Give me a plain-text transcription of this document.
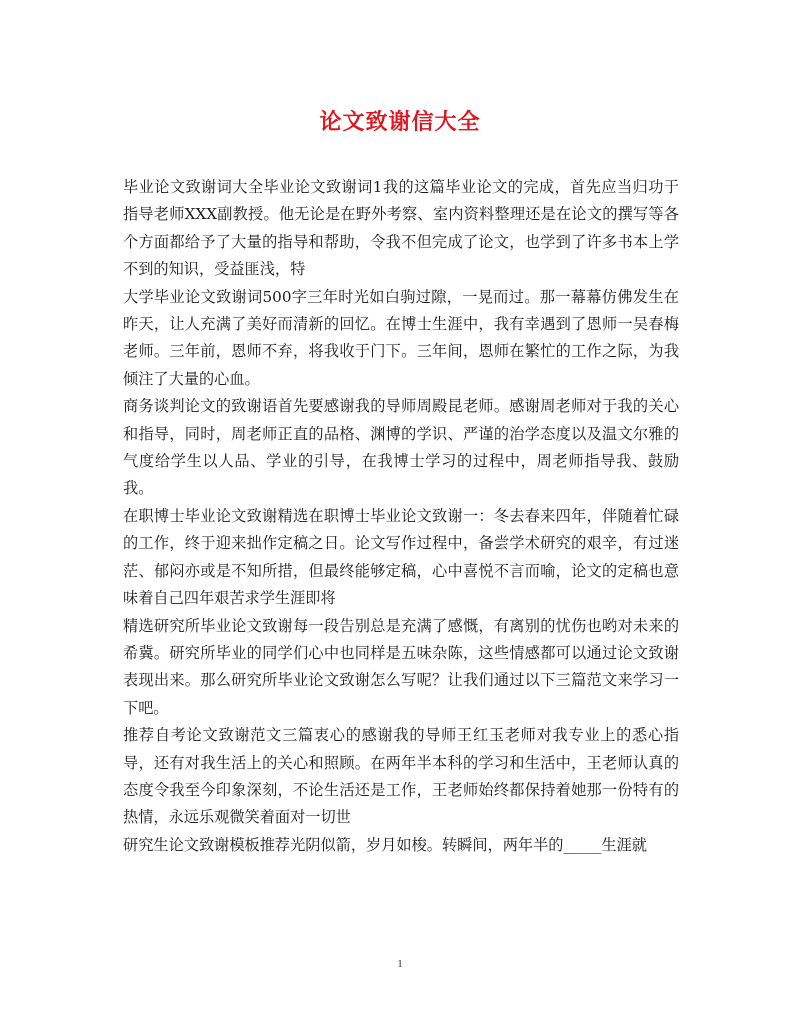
论文致谢信大全

毕业论文致谢词大全毕业论文致谢词1我的这篇毕业论文的完成，首先应当归功于指导老师XXX副教授。他无论是在野外考察、室内资料整理还是在论文的撰写等各个方面都给予了大量的指导和帮助，令我不但完成了论文，也学到了许多书本上学不到的知识，受益匪浅，特

大学毕业论文致谢词500字三年时光如白驹过隙，一晃而过。那一幕幕仿佛发生在昨天，让人充满了美好而清新的回忆。在博士生涯中，我有幸遇到了恩师一吴春梅老师。三年前，恩师不弃，将我收于门下。三年间，恩师在繁忙的工作之际，为我倾注了大量的心血。

商务谈判论文的致谢语首先要感谢我的导师周殿昆老师。感谢周老师对于我的关心和指导，同时，周老师正直的品格、渊博的学识、严谨的治学态度以及温文尔雅的气度给学生以人品、学业的引导，在我博士学习的过程中，周老师指导我、鼓励我。

在职博士毕业论文致谢精选在职博士毕业论文致谢一：冬去春来四年，伴随着忙碌的工作，终于迎来拙作定稿之日。论文写作过程中，备尝学术研究的艰辛，有过迷茫、郁闷亦或是不知所措，但最终能够定稿，心中喜悦不言而喻，论文的定稿也意味着自己四年艰苦求学生涯即将

精选研究所毕业论文致谢每一段告别总是充满了感慨，有离别的忧伤也哟对未来的希冀。研究所毕业的同学们心中也同样是五味杂陈，这些情感都可以通过论文致谢表现出来。那么研究所毕业论文致谢怎么写呢？让我们通过以下三篇范文来学习一下吧。

推荐自考论文致谢范文三篇衷心的感谢我的导师王红玉老师对我专业上的悉心指导，还有对我生活上的关心和照顾。在两年半本科的学习和生活中，王老师认真的态度令我至今印象深刻，不论生活还是工作，王老师始终都保持着她那一份特有的热情，永远乐观微笑着面对一切世

研究生论文致谢模板推荐光阴似箭，岁月如梭。转瞬间，两年半的_____生涯就

1
